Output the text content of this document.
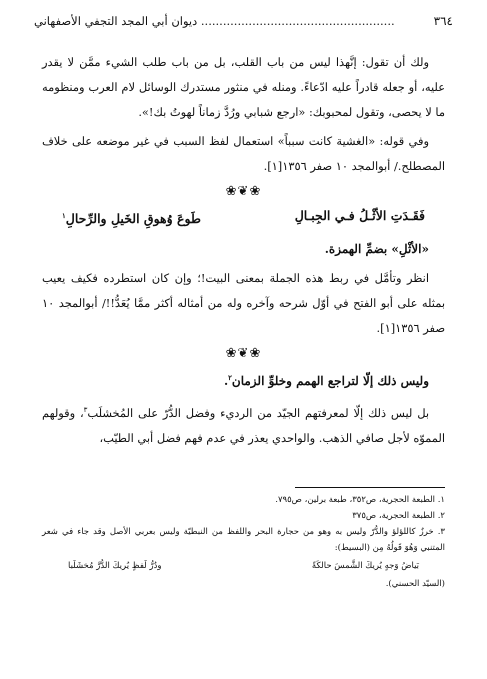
٣٦٤
..................................................... ديوان أبي المجد التجفي الأصفهاني

ولك أن تقول: إنَّهذا ليس من باب القلب، بل من باب طلب الشيء ممَّن لا يقدر عليه، أو جعله قادراً عليه ادّعاءً. ومنله في منثور مستدرك الوسائل لام العرب ومنظومه ما لا يحصى، وتقول لمحبوبك: «ارجع شبابي ورُدَّ زماناً لهوتُ بك!».

وفي قوله: «الغشية كانت سبباً» استعمال لفظ السبب في غير موضعه على خلاف المصطلح./ أبوالمجد ١٠ صفر ١٣٥٦[١].

❀❦❀
فَقَـدَتِ الأثْـلُ فـي الجِبـالِ
طَوعَ وُهوقِ الخَيلِ والرِّحالِ$^١$

«الأثْلِ» بضمِّ الهمزة.

انظر وتأمَّل في ربط هذه الجملة بمعنى البيت!؛ وإن كان استطرده فكيف يعيب بمثله على أبو الفتح في أوّل شرحه وآخره وله من أمثاله أكثر ممَّا يُعَدُّ!!/ أبوالمجد ١٠ صفر ١٣٥٦[١].

❀❦❀

وليس ذلك إلّا لتراجع الهمم وخلوِّ الزمان$^٢$.

بل ليس ذلك إلّا لمعرفتهم الجيّد من الرديء وفضل الدُّرّ على المُخشلَب$^٣$، وقولهم المموّه لأجل صافي الذهب. والواحدي يعذر في عدم فهم فضل أبي الطيّب،

١. الطبعة الحجرية، ص٣٥٢، طبعة برلين، ص٧٩٥.

٢. الطبعة الحجرية، ص٣٧٥

٣. خرزٌ كاللؤلؤ والدُّرّ وليس به وهو من حجارة البحر واللفظ من النبطيّة وليس بعربي الأصل وقد جاء في شعر المتنبي وَهُوَ قَولُهُ مِن (البسيط):

بَياضُ وَجهٍ يُريكَ الشَّمسَ حالكَةً
ودُرُّ لَفظٍ يُريكَ الدُّرَّ مُخشَلَبا

(السيّد الحسني).
